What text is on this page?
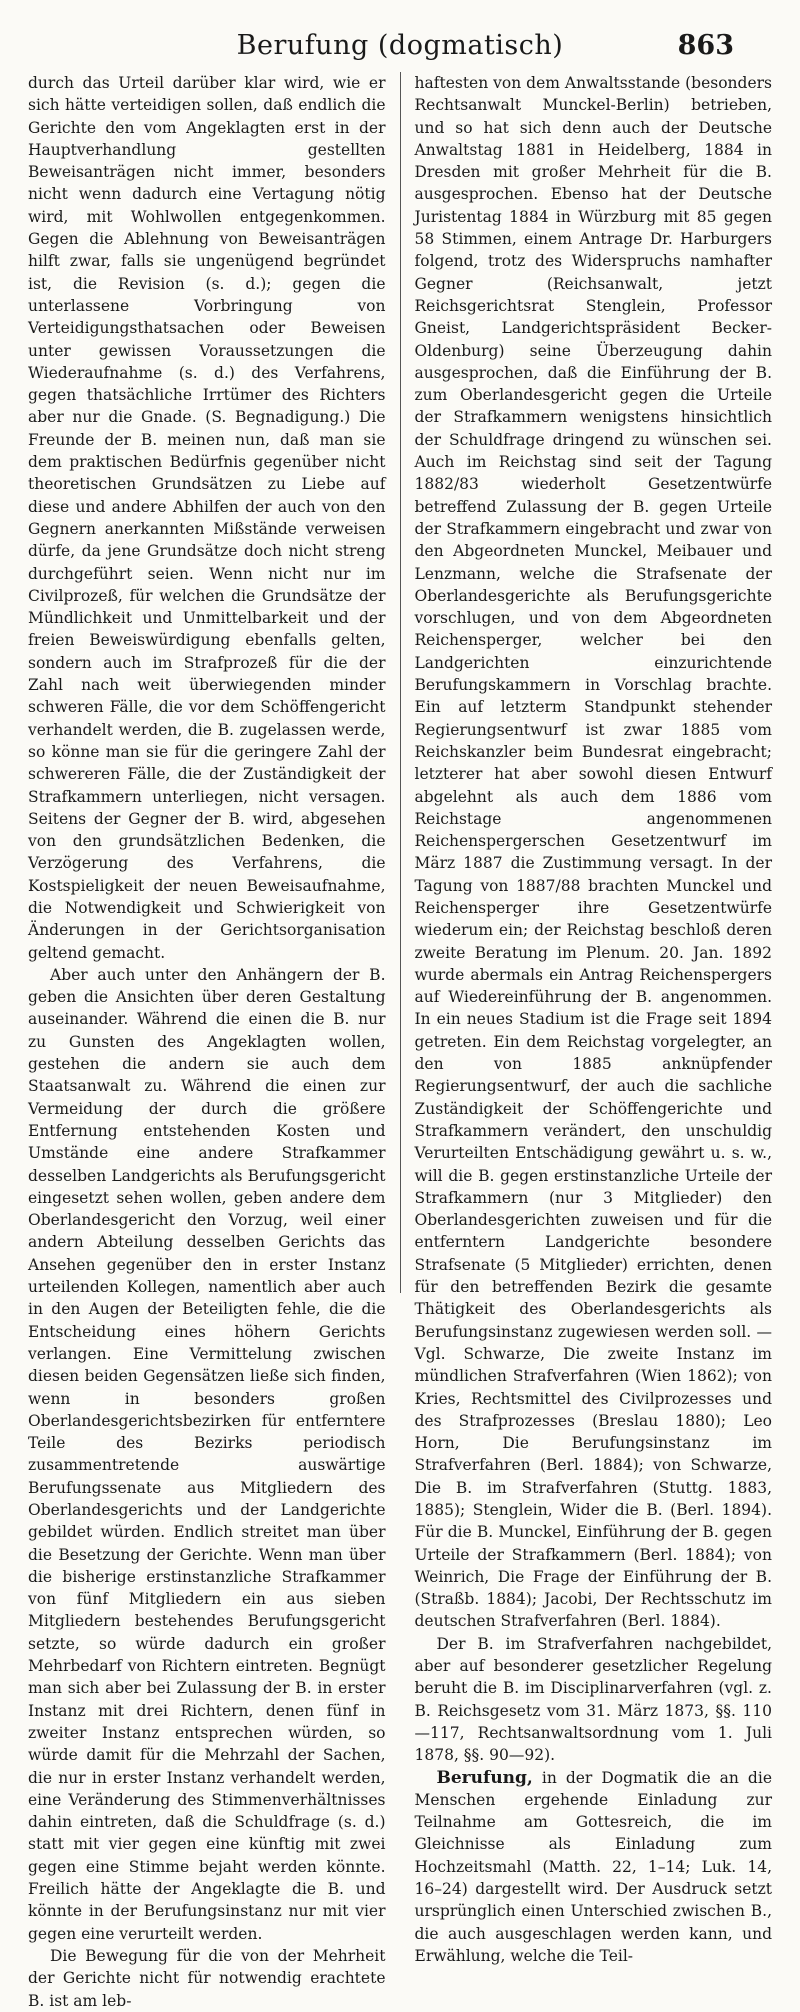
Berufung (dogmatisch)	863

durch das Urteil darüber klar wird, wie er sich hätte verteidigen sollen, daß endlich die Gerichte den vom Angeklagten erst in der Hauptverhandlung gestellten Beweisanträgen nicht immer, besonders nicht wenn dadurch eine Vertagung nötig wird, mit Wohlwollen entgegenkommen. Gegen die Ablehnung von Beweisanträgen hilft zwar, falls sie ungenügend begründet ist, die Revision (s. d.); gegen die unterlassene Vorbringung von Verteidigungsthatsachen oder Beweisen unter gewissen Voraussetzungen die Wiederaufnahme (s. d.) des Verfahrens, gegen thatsächliche Irrtümer des Richters aber nur die Gnade. (S. Begnadigung.) Die Freunde der B. meinen nun, daß man sie dem praktischen Bedürfnis gegenüber nicht theoretischen Grundsätzen zu Liebe auf diese und andere Abhilfen der auch von den Gegnern anerkannten Mißstände verweisen dürfe, da jene Grundsätze doch nicht streng durchgeführt seien. Wenn nicht nur im Civilprozeß, für welchen die Grundsätze der Mündlichkeit und Unmittelbarkeit und der freien Beweiswürdigung ebenfalls gelten, sondern auch im Strafprozeß für die der Zahl nach weit überwiegenden minder schweren Fälle, die vor dem Schöffengericht verhandelt werden, die B. zugelassen werde, so könne man sie für die geringere Zahl der schwereren Fälle, die der Zuständigkeit der Strafkammern unterliegen, nicht versagen. Seitens der Gegner der B. wird, abgesehen von den grundsätzlichen Bedenken, die Verzögerung des Verfahrens, die Kostspieligkeit der neuen Beweisaufnahme, die Notwendigkeit und Schwierigkeit von Änderungen in der Gerichtsorganisation geltend gemacht.

Aber auch unter den Anhängern der B. geben die Ansichten über deren Gestaltung auseinander. Während die einen die B. nur zu Gunsten des Angeklagten wollen, gestehen die andern sie auch dem Staatsanwalt zu. Während die einen zur Vermeidung der durch die größere Entfernung entstehenden Kosten und Umstände eine andere Strafkammer desselben Landgerichts als Berufungsgericht eingesetzt sehen wollen, geben andere dem Oberlandesgericht den Vorzug, weil einer andern Abteilung desselben Gerichts das Ansehen gegenüber den in erster Instanz urteilenden Kollegen, namentlich aber auch in den Augen der Beteiligten fehle, die die Entscheidung eines höhern Gerichts verlangen. Eine Vermittelung zwischen diesen beiden Gegensätzen ließe sich finden, wenn in besonders großen Oberlandesgerichtsbezirken für entferntere Teile des Bezirks periodisch zusammentretende auswärtige Berufungssenate aus Mitgliedern des Oberlandesgerichts und der Landgerichte gebildet würden. Endlich streitet man über die Besetzung der Gerichte. Wenn man über die bisherige erstinstanzliche Strafkammer von fünf Mitgliedern ein aus sieben Mitgliedern bestehendes Berufungsgericht setzte, so würde dadurch ein großer Mehrbedarf von Richtern eintreten. Begnügt man sich aber bei Zulassung der B. in erster Instanz mit drei Richtern, denen fünf in zweiter Instanz entsprechen würden, so würde damit für die Mehrzahl der Sachen, die nur in erster Instanz verhandelt werden, eine Veränderung des Stimmenverhältnisses dahin eintreten, daß die Schuldfrage (s. d.) statt mit vier gegen eine künftig mit zwei gegen eine Stimme bejaht werden könnte. Freilich hätte der Angeklagte die B. und könnte in der Berufungsinstanz nur mit vier gegen eine verurteilt werden.

Die Bewegung für die von der Mehrheit der Gerichte nicht für notwendig erachtete B. ist am leb-

haftesten von dem Anwaltsstande (besonders Rechtsanwalt Munckel-Berlin) betrieben, und so hat sich denn auch der Deutsche Anwaltstag 1881 in Heidelberg, 1884 in Dresden mit großer Mehrheit für die B. ausgesprochen. Ebenso hat der Deutsche Juristentag 1884 in Würzburg mit 85 gegen 58 Stimmen, einem Antrage Dr. Harburgers folgend, trotz des Widerspruchs namhafter Gegner (Reichsanwalt, jetzt Reichsgerichtsrat Stenglein, Professor Gneist, Landgerichtspräsident Becker-Oldenburg) seine Überzeugung dahin ausgesprochen, daß die Einführung der B. zum Oberlandesgericht gegen die Urteile der Strafkammern wenigstens hinsichtlich der Schuldfrage dringend zu wünschen sei. Auch im Reichstag sind seit der Tagung 1882/83 wiederholt Gesetzentwürfe betreffend Zulassung der B. gegen Urteile der Strafkammern eingebracht und zwar von den Abgeordneten Munckel, Meibauer und Lenzmann, welche die Strafsenate der Oberlandesgerichte als Berufungsgerichte vorschlugen, und von dem Abgeordneten Reichensperger, welcher bei den Landgerichten einzurichtende Berufungskammern in Vorschlag brachte. Ein auf letzterm Standpunkt stehender Regierungsentwurf ist zwar 1885 vom Reichskanzler beim Bundesrat eingebracht; letzterer hat aber sowohl diesen Entwurf abgelehnt als auch dem 1886 vom Reichstage angenommenen Reichenspergerschen Gesetzentwurf im März 1887 die Zustimmung versagt. In der Tagung von 1887/88 brachten Munckel und Reichensperger ihre Gesetzentwürfe wiederum ein; der Reichstag beschloß deren zweite Beratung im Plenum. 20. Jan. 1892 wurde abermals ein Antrag Reichenspergers auf Wiedereinführung der B. angenommen. In ein neues Stadium ist die Frage seit 1894 getreten. Ein dem Reichstag vorgelegter, an den von 1885 anknüpfender Regierungsentwurf, der auch die sachliche Zuständigkeit der Schöffengerichte und Strafkammern verändert, den unschuldig Verurteilten Entschädigung gewährt u. s. w., will die B. gegen erstinstanzliche Urteile der Strafkammern (nur 3 Mitglieder) den Oberlandesgerichten zuweisen und für die entferntern Landgerichte besondere Strafsenate (5 Mitglieder) errichten, denen für den betreffenden Bezirk die gesamte Thätigkeit des Oberlandesgerichts als Berufungsinstanz zugewiesen werden soll. — Vgl. Schwarze, Die zweite Instanz im mündlichen Strafverfahren (Wien 1862); von Kries, Rechtsmittel des Civilprozesses und des Strafprozesses (Breslau 1880); Leo Horn, Die Berufungsinstanz im Strafverfahren (Berl. 1884); von Schwarze, Die B. im Strafverfahren (Stuttg. 1883, 1885); Stenglein, Wider die B. (Berl. 1894). Für die B. Munckel, Einführung der B. gegen Urteile der Strafkammern (Berl. 1884); von Weinrich, Die Frage der Einführung der B. (Straßb. 1884); Jacobi, Der Rechtsschutz im deutschen Strafverfahren (Berl. 1884).

Der B. im Strafverfahren nachgebildet, aber auf besonderer gesetzlicher Regelung beruht die B. im Disciplinarverfahren (vgl. z. B. Reichsgesetz vom 31. März 1873, §§. 110—117, Rechtsanwaltsordnung vom 1. Juli 1878, §§. 90—92).

Berufung, in der Dogmatik die an die Menschen ergehende Einladung zur Teilnahme am Gottesreich, die im Gleichnisse als Einladung zum Hochzeitsmahl (Matth. 22, 1–14; Luk. 14, 16–24) dargestellt wird. Der Ausdruck setzt ursprünglich einen Unterschied zwischen B., die auch ausgeschlagen werden kann, und Erwählung, welche die Teil-
